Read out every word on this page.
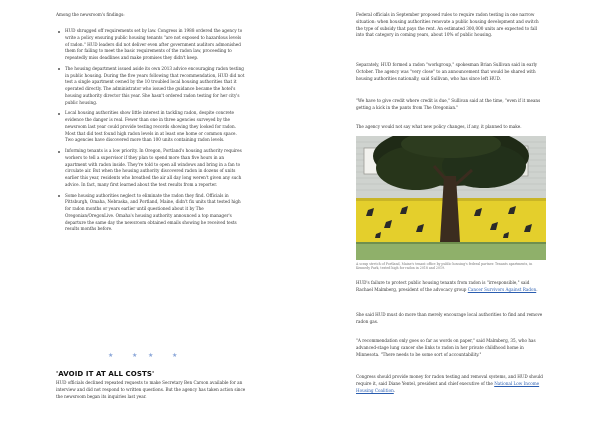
Among the newsroom's findings:

HUD shrugged off requirements set by law. Congress in 1988 ordered the agency to write a policy ensuring public housing tenants "are not exposed to hazardous levels of radon." HUD leaders did not deliver even after government auditors admonished them for failing to meet the basic requirements of the radon law, proceeding to repeatedly miss deadlines and make promises they didn't keep.
The housing department issued aside its own 2013 advice encouraging radon testing in public housing. During the five years following that recommendation, HUD did not test a single apartment owned by the 10 troubled local housing authorities that it operated directly. The administrator who issued the guidance became the hotel's housing authority director this year. She hasn't ordered radon testing for her city's public housing.
Local housing authorities show little interest in tackling radon, despite concrete evidence the danger is real. Fewer than one in three agencies surveyed by the newsroom last year could provide testing records showing they looked for radon. Most that did test found high radon levels in at least one home or common space. Two agencies have discovered more than 100 units containing radon levels.
Informing tenants is a low priority. In Oregon, Portland's housing authority requires workers to tell a supervisor if they plan to spend more than five hours in an apartment with radon inside. They're told to open all windows and bring in a fan to circulate air. But when the housing authority discovered radon in dozens of units earlier this year, residents who breathed the air all day long weren't given any such advice. In fact, many first learned about the test results from a reporter.
Some housing authorities neglect to eliminate the radon they find. Officials in Pittsburgh, Omaha, Nebraska, and Portland, Maine, didn't fix units that tested high for radon months or years earlier until questioned about it by The Oregonian/OregonLive. Omaha's housing authority announced a top manager's departure the same day the newsroom obtained emails showing he received tests results months before.
★	★ ★	★
'AVOID IT AT ALL COSTS'

HUD officials declined repeated requests to make Secretary Ben Carson available for an interview and did not respond to written questions. But the agency has taken action since the newsroom began its inquiries last year.

Federal officials in September proposed rules to require radon testing in one narrow situation: when housing authorities renovate a public housing development and switch the type of subsidy that pays the rent. An estimated 300,000 units are expected to fall into that category in coming years, about 10% of public housing.

Separately, HUD formed a radon "workgroup," spokesman Brian Sullivan said in early October. The agency was "very close" to an announcement that would be shared with housing authorities nationally, said Sullivan, who has since left HUD.

"We have to give credit where credit is due," Sullivan said at the time, "even if it means getting a kick in the pants from The Oregonian."

The agency would not say what new policy changes, if any, it planned to make.

A scrap stretch of Portland, Maine's tenant office by public housing's federal partner. Tenants apartments, in Kennedy Park, tested high for radon in 2018 and 2019.

HUD's failure to protect public housing tenants from radon is "irresponsible," said Rachael Malmberg, president of the advocacy group Cancer Survivors Against Radon.

She said HUD must do more than merely encourage local authorities to find and remove radon gas.

"A recommendation only goes so far as words on paper," said Malmberg, 35, who has advanced-stage lung cancer she links to radon in her private childhood home in Minnesota. "There needs to be some sort of accountability."

Congress should provide money for radon testing and removal systems, and HUD should require it, said Diane Yentel, president and chief executive of the National Low Income Housing Coalition.
